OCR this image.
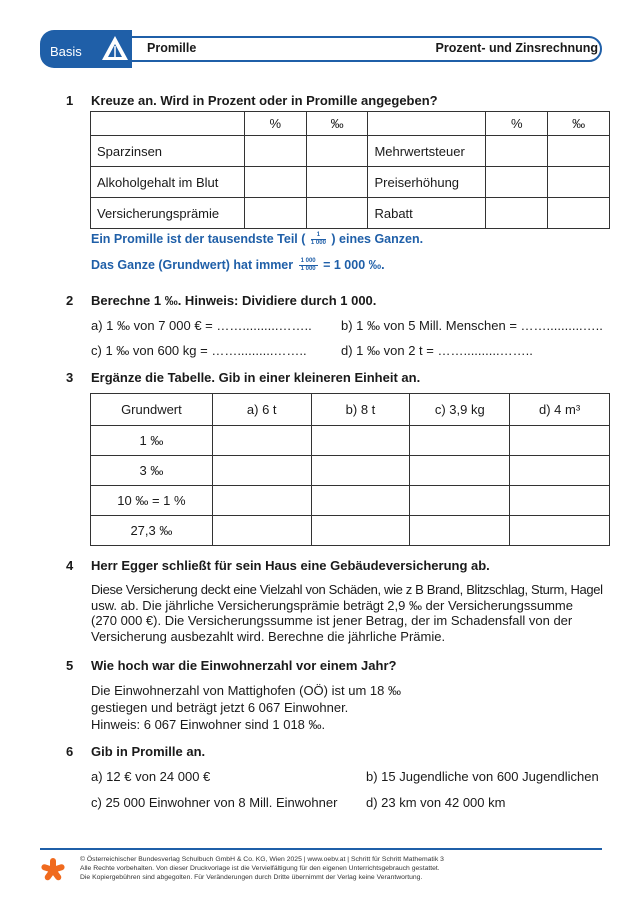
Basis	Promille	Prozent- und Zinsrechnung
1 Kreuze an. Wird in Prozent oder in Promille angegeben?
	%	‰		%	‰
Sparzinsen			Mehrwertsteuer		
Alkoholgehalt im Blut			Preiserhöhung		
Versicherungsprämie			Rabatt		
Ein Promille ist der tausendste Teil ( $\frac{1}{1 000}$ ) eines Ganzen.
Das Ganze (Grundwert) hat immer $\frac{1 000}{1 000} = 1$ 000 ‰.
2 Berechne 1 ‰. Hinweis: Dividiere durch 1 000.
a) 1 ‰ von 7 000 € = ……..........…….. b) 1 ‰ von 5 Mill. Menschen = ……..........…..
c) 1 ‰ von 600 kg = ……..........……..	d) 1 ‰ von 2 t = ……..........……..
3 Ergänze die Tabelle. Gib in einer kleineren Einheit an.
Grundwert	a) 6 t	b) 8 t	c) 3,9 kg	d) 4 m³
1 ‰				
3 ‰				
10 ‰ = 1 %				
27,3 ‰				
4 Herr Egger schließt für sein Haus eine Gebäudeversicherung ab.
Diese Versicherung deckt eine Vielzahl von Schäden, wie z B Brand, Blitzschlag, Sturm, Hagel
usw. ab. Die jährliche Versicherungsprämie beträgt 2,9 ‰ der Versicherungssumme
(270 000 €). Die Versicherungssumme ist jener Betrag, der im Schadensfall von der
Versicherung ausbezahlt wird. Berechne die jährliche Prämie.
5 Wie hoch war die Einwohnerzahl vor einem Jahr?
Die Einwohnerzahl von Mattighofen (OÖ) ist um 18 ‰
gestiegen und beträgt jetzt 6 067 Einwohner.
Hinweis: 6 067 Einwohner sind 1 018 ‰.
6 Gib in Promille an.
a) 12 € von 24 000 €	b) 15 Jugendliche von 600 Jugendlichen
c) 25 000 Einwohner von 8 Mill. Einwohner d) 23 km von 42 000 km
© Österreichischer Bundesverlag Schulbuch GmbH & Co. KG, Wien 2025 | www.oebv.at | Schritt für Schritt Mathematik 3
Alle Rechte vorbehalten. Von dieser Druckvorlage ist die Vervielfältigung für den eigenen Unterrichtsgebrauch gestattet.
Die Kopiergebühren sind abgegolten. Für Veränderungen durch Dritte übernimmt der Verlag keine Verantwortung.
